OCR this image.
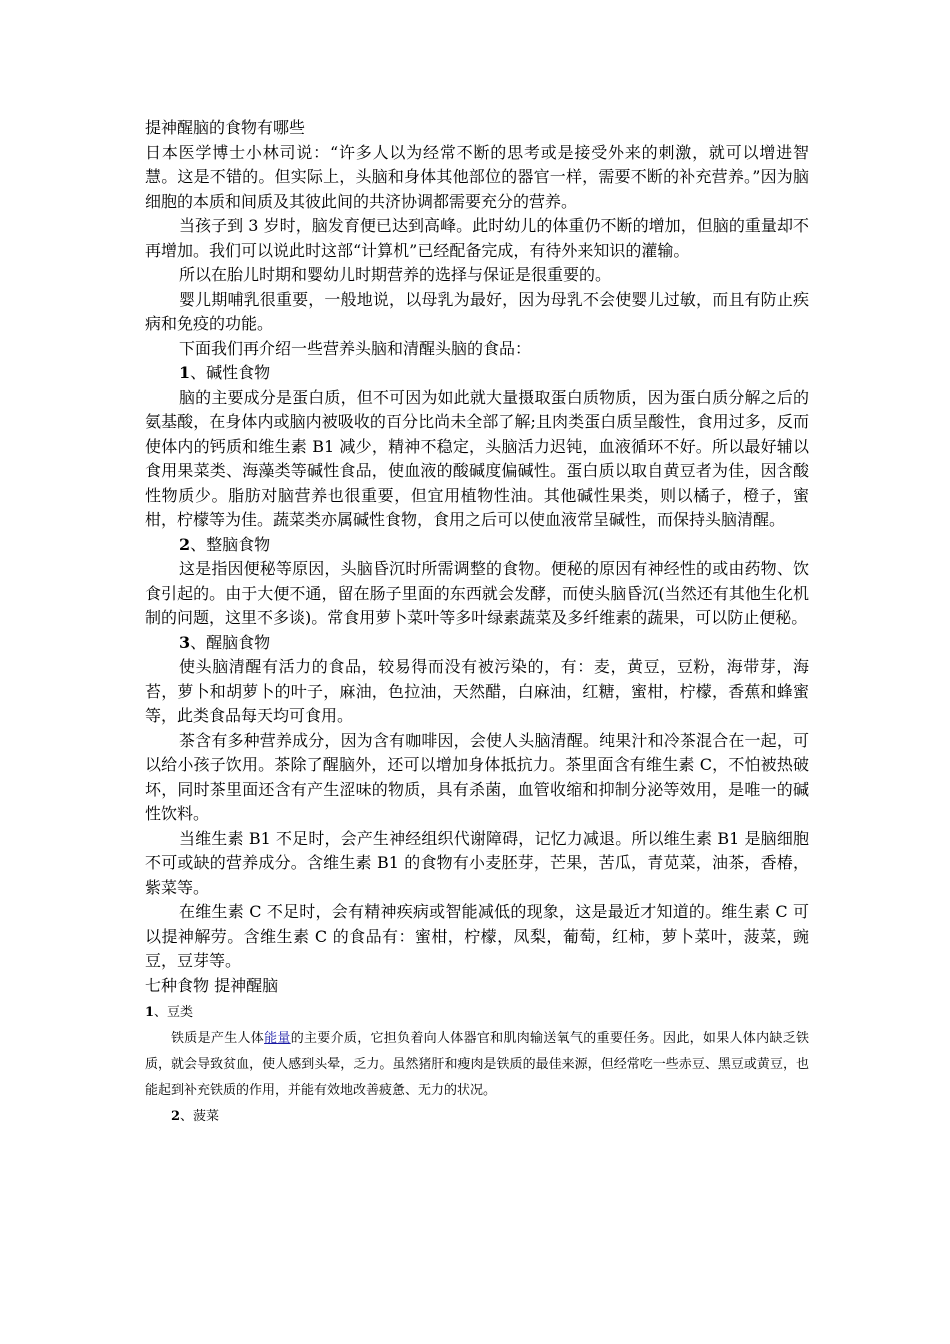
提神醒脑的食物有哪些

日本医学博士小林司说：“许多人以为经常不断的思考或是接受外来的刺激，就可以增进智慧。这是不错的。但实际上，头脑和身体其他部位的器官一样，需要不断的补充营养。”因为脑细胞的本质和间质及其彼此间的共济协调都需要充分的营养。

当孩子到 3 岁时，脑发育便已达到高峰。此时幼儿的体重仍不断的增加，但脑的重量却不再增加。我们可以说此时这部“计算机”已经配备完成，有待外来知识的灌输。

所以在胎儿时期和婴幼儿时期营养的选择与保证是很重要的。

婴儿期哺乳很重要，一般地说，以母乳为最好，因为母乳不会使婴儿过敏，而且有防止疾病和免疫的功能。

下面我们再介绍一些营养头脑和清醒头脑的食品：

1、碱性食物

脑的主要成分是蛋白质，但不可因为如此就大量摄取蛋白质物质，因为蛋白质分解之后的氨基酸，在身体内或脑内被吸收的百分比尚未全部了解;且肉类蛋白质呈酸性，食用过多，反而使体内的钙质和维生素 B1 减少，精神不稳定，头脑活力迟钝，血液循环不好。所以最好辅以食用果菜类、海藻类等碱性食品，使血液的酸碱度偏碱性。蛋白质以取自黄豆者为佳，因含酸性物质少。脂肪对脑营养也很重要，但宜用植物性油。其他碱性果类，则以橘子，橙子，蜜柑，柠檬等为佳。蔬菜类亦属碱性食物，食用之后可以使血液常呈碱性，而保持头脑清醒。

2、整脑食物

这是指因便秘等原因，头脑昏沉时所需调整的食物。便秘的原因有神经性的或由药物、饮食引起的。由于大便不通，留在肠子里面的东西就会发酵，而使头脑昏沉(当然还有其他生化机制的问题，这里不多谈)。常食用萝卜菜叶等多叶绿素蔬菜及多纤维素的蔬果，可以防止便秘。

3、醒脑食物

使头脑清醒有活力的食品，较易得而没有被污染的，有：麦，黄豆，豆粉，海带芽，海苔，萝卜和胡萝卜的叶子，麻油，色拉油，天然醋，白麻油，红糖，蜜柑，柠檬，香蕉和蜂蜜等，此类食品每天均可食用。

茶含有多种营养成分，因为含有咖啡因，会使人头脑清醒。纯果汁和冷茶混合在一起，可以给小孩子饮用。茶除了醒脑外，还可以增加身体抵抗力。茶里面含有维生素 C，不怕被热破坏，同时茶里面还含有产生涩味的物质，具有杀菌，血管收缩和抑制分泌等效用，是唯一的碱性饮料。

当维生素 B1 不足时，会产生神经组织代谢障碍，记忆力减退。所以维生素 B1 是脑细胞不可或缺的营养成分。含维生素 B1 的食物有小麦胚芽，芒果，苦瓜，青苋菜，油茶，香椿，紫菜等。

在维生素 C 不足时，会有精神疾病或智能减低的现象，这是最近才知道的。维生素 C 可以提神解劳。含维生素 C 的食品有：蜜柑，柠檬，凤梨，葡萄，红柿，萝卜菜叶，菠菜，豌豆，豆芽等。

七种食物 提神醒脑

1、豆类

铁质是产生人体能量的主要介质，它担负着向人体器官和肌肉输送氧气的重要任务。因此，如果人体内缺乏铁质，就会导致贫血，使人感到头晕，乏力。虽然猪肝和瘦肉是铁质的最佳来源，但经常吃一些赤豆、黑豆或黄豆，也能起到补充铁质的作用，并能有效地改善疲惫、无力的状况。

2、菠菜
